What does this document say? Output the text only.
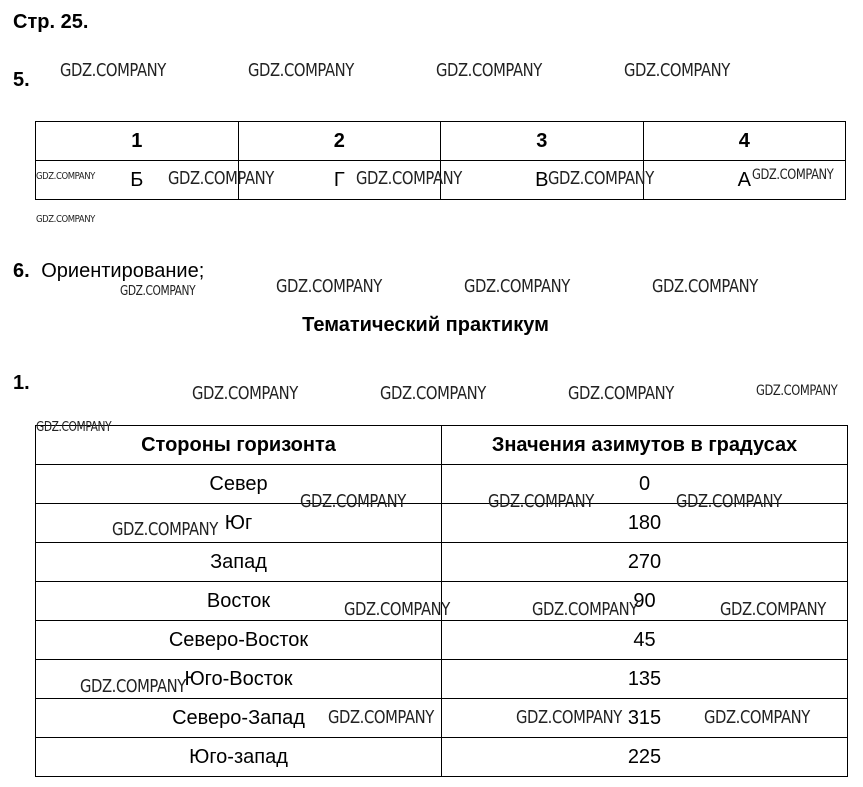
Стр. 25.
5.
1	2	3	4
Б	Г	В	А
6. Ориентирование;
Тематический практикум
1.
Стороны горизонта	Значения азимутов в градусах
Север	0
Юг	180
Запад	270
Восток	90
Северо-Восток	45
Юго-Восток	135
Северо-Запад	315
Юго-запад	225
GDZ.COMPANY	GDZ.COMPANY	GDZ.COMPANY	GDZ.COMPANY
GDZ.COMPANY	GDZ.COMPANY	GDZ.COMPANY	GDZ.COMPANY	GDZ.COMPANY
GDZ.COMPANY
GDZ.COMPANY	GDZ.COMPANY	GDZ.COMPANY	GDZ.COMPANY
GDZ.COMPANY	GDZ.COMPANY	GDZ.COMPANY	GDZ.COMPANY
GDZ.COMPANY
GDZ.COMPANY	GDZ.COMPANY	GDZ.COMPANY
GDZ.COMPANY
GDZ.COMPANY	GDZ.COMPANY	GDZ.COMPANY
GDZ.COMPANY
GDZ.COMPANY	GDZ.COMPANY	GDZ.COMPANY
